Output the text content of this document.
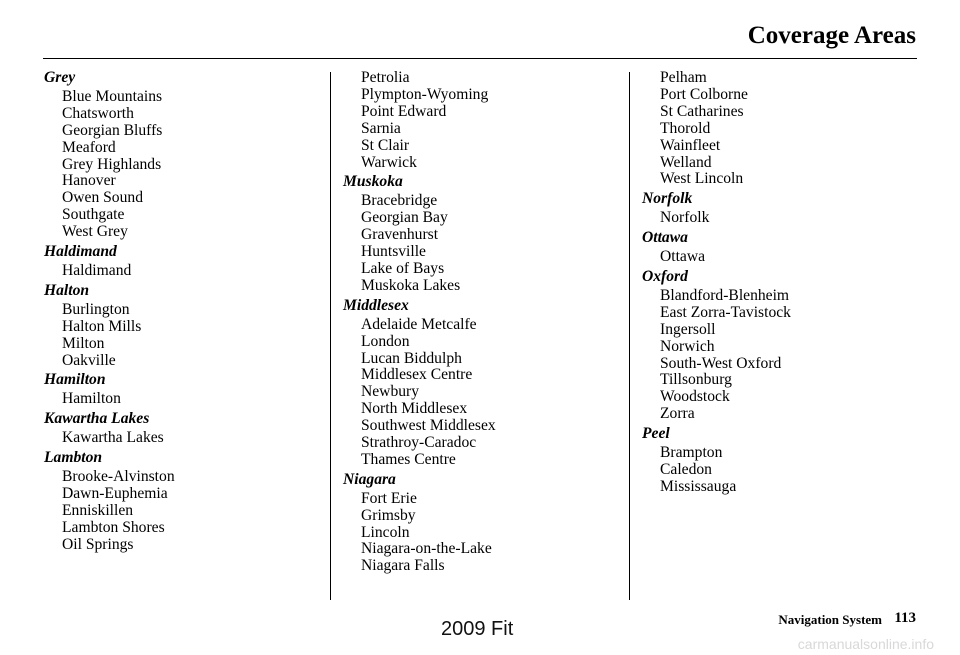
Coverage Areas
Grey
Blue Mountains
Chatsworth
Georgian Bluffs
Meaford
Grey Highlands
Hanover
Owen Sound
Southgate
West Grey
Haldimand
Haldimand
Halton
Burlington
Halton Mills
Milton
Oakville
Hamilton
Hamilton
Kawartha Lakes
Kawartha Lakes
Lambton
Brooke-Alvinston
Dawn-Euphemia
Enniskillen
Lambton Shores
Oil Springs
Petrolia
Plympton-Wyoming
Point Edward
Sarnia
St Clair
Warwick
Muskoka
Bracebridge
Georgian Bay
Gravenhurst
Huntsville
Lake of Bays
Muskoka Lakes
Middlesex
Adelaide Metcalfe
London
Lucan Biddulph
Middlesex Centre
Newbury
North Middlesex
Southwest Middlesex
Strathroy-Caradoc
Thames Centre
Niagara
Fort Erie
Grimsby
Lincoln
Niagara-on-the-Lake
Niagara Falls
Pelham
Port Colborne
St Catharines
Thorold
Wainfleet
Welland
West Lincoln
Norfolk
Norfolk
Ottawa
Ottawa
Oxford
Blandford-Blenheim
East Zorra-Tavistock
Ingersoll
Norwich
South-West Oxford
Tillsonburg
Woodstock
Zorra
Peel
Brampton
Caledon
Mississauga
Navigation System 113
2009 Fit
carmanualsonline.info
